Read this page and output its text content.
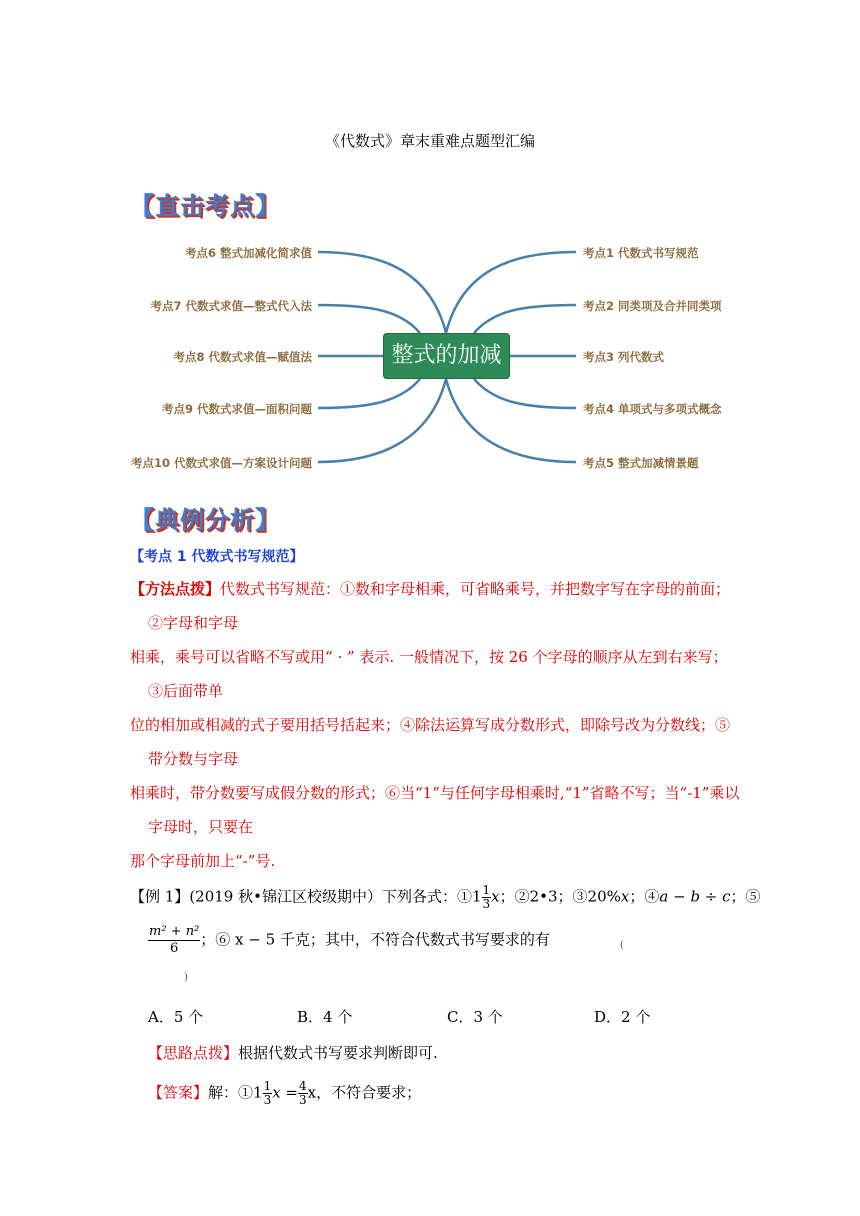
《代数式》章末重难点题型汇编
【直击考点】
考点6 整式加减化简求值
考点7 代数式求值—整式代入法
考点8 代数式求值—赋值法
考点9 代数式求值—面积问题
考点10 代数式求值—方案设计问题
整式的加减
考点1 代数式书写规范
考点2 同类项及合并同类项
考点3 列代数式
考点4 单项式与多项式概念
考点5 整式加减情景题
【典例分析】
【考点 1 代数式书写规范】
【方法点拨】代数式书写规范：①数和字母相乘，可省略乘号，并把数字写在字母的前面；
②字母和字母
相乘，乘号可以省略不写或用“ · ” 表示. 一般情况下，按 26 个字母的顺序从左到右来写；
③后面带单
位的相加或相减的式子要用括号括起来；④除法运算写成分数形式，即除号改为分数线；⑤
带分数与字母
相乘时，带分数要写成假分数的形式；⑥当“1”与任何字母相乘时,“1”省略不写；当“-1”乘以
字母时，只要在
那个字母前加上“-”号.
【例 1】(2019 秋•锦江区校级期中）下列各式：①1 $\frac{1}{3}$ x；②2•3；③20%x；④a − b ÷ c；⑤
$\frac{\text{m² + n²}}{6}$ ；⑥ x − 5 千克；其中，不符合代数式书写要求的有	(
)
A．5 个	B．4 个	C．3 个	D．2 个
【思路点拨】根据代数式书写要求判断即可.
【答案】解：①1 $\frac{1}{3}$ $x = \frac{4}{3}$ x，不符合要求；
